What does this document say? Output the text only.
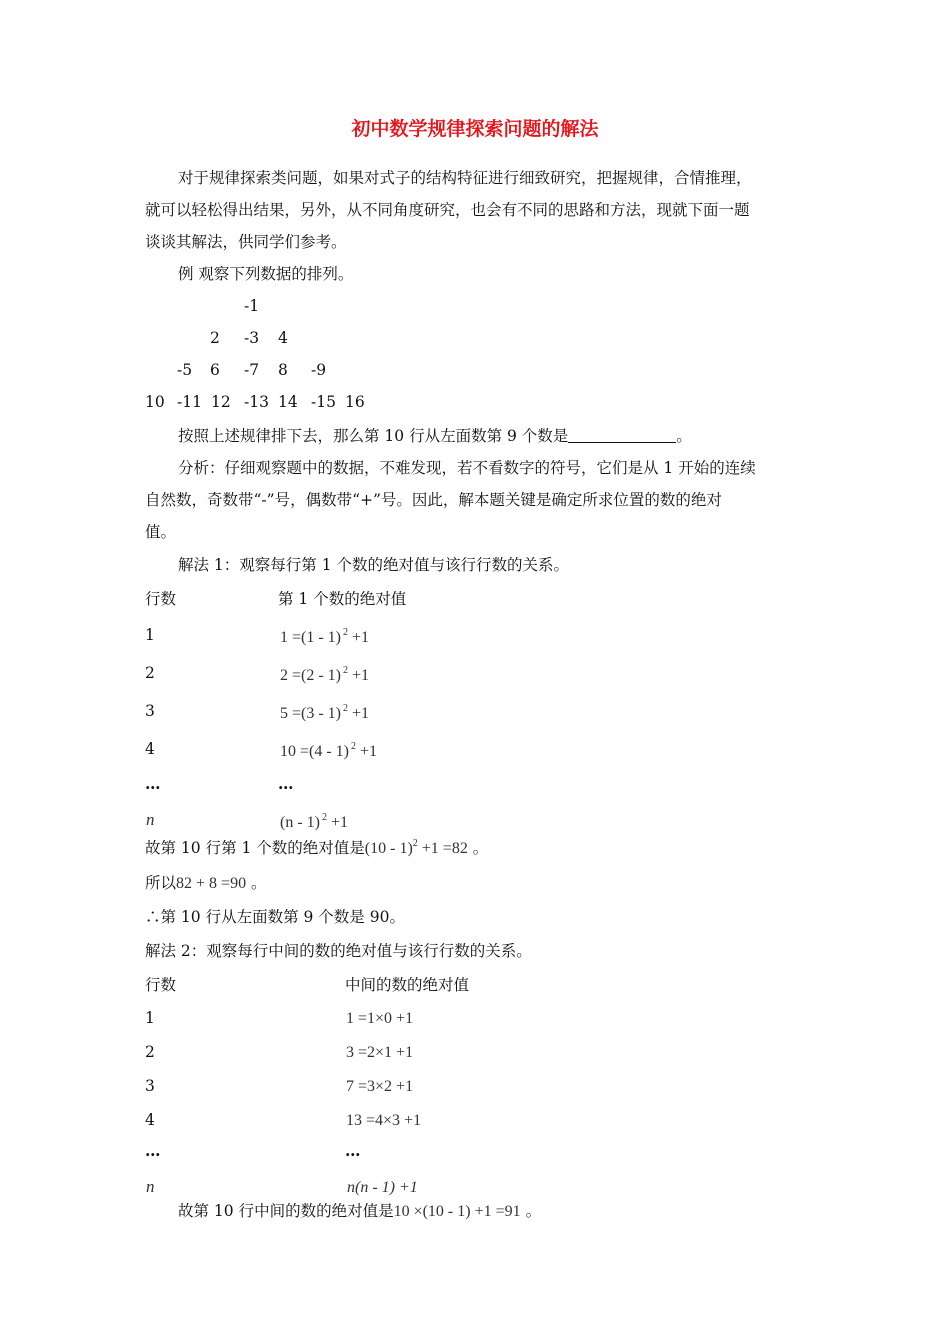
初中数学规律探索问题的解法
对于规律探索类问题，如果对式子的结构特征进行细致研究，把握规律，合情推理，
就可以轻松得出结果，另外，从不同角度研究，也会有不同的思路和方法，现就下面一题
谈谈其解法，供同学们参考。
例 观察下列数据的排列。
-1
2 -3 4
-5 6 -7 8 -9
10 -11 12 -13 14 -15 16
按照上述规律排下去，那么第 10 行从左面数第 9 个数是	。
分析：仔细观察题中的数据，不难发现，若不看数字的符号，它们是从 1 开始的连续
自然数，奇数带“-”号，偶数带“+”号。因此，解本题关键是确定所求位置的数的绝对
值。
解法 1：观察每行第 1 个数的绝对值与该行行数的关系。
行数	第 1 个数的绝对值
1	1 =(1 - 1) $^2$ +1
2	2 =(2 - 1) $^2$ +1
3	5 =(3 - 1) $^2$ +1
4	10 =(4 - 1) $^2$ +1
…	…
n	(n - 1) $^2$ +1
故第 10 行第 1 个数的绝对值是(10 - 1)$^2$ +1 =82 。
所以82 + 8 =90 。
∴第 10 行从左面数第 9 个数是 90。
解法 2：观察每行中间的数的绝对值与该行行数的关系。
行数	中间的数的绝对值
1	1 =1×0 +1
2	3 =2×1 +1
3	7 =3×2 +1
4	13 =4×3 +1
…	…
n	n(n - 1) +1
故第 10 行中间的数的绝对值是10 ×(10 - 1) +1 =91 。
